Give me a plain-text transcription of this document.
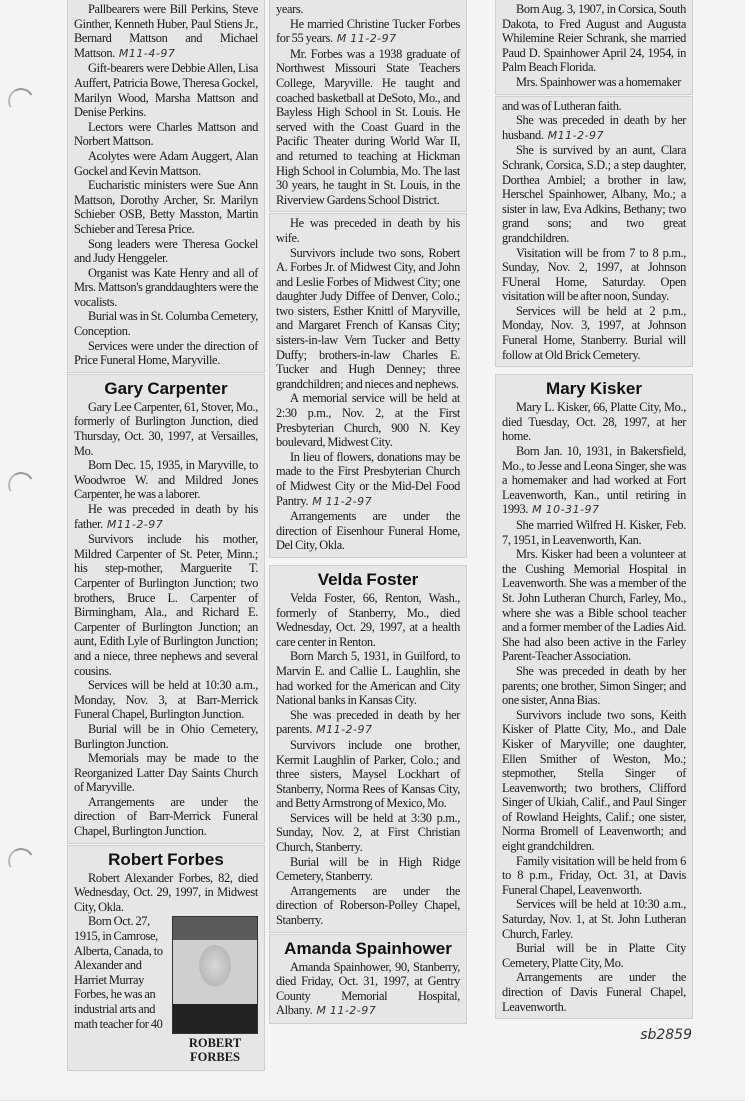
Pallbearers were Bill Perkins, Steve Ginther, Kenneth Huber, Paul Stiens Jr., Bernard Mattson and Michael Mattson. M11-4-97

Gift-bearers were Debbie Allen, Lisa Auffert, Patricia Bowe, Theresa Gockel, Marilyn Wood, Marsha Mattson and Denise Perkins.

Lectors were Charles Mattson and Norbert Mattson.

Acolytes were Adam Auggert, Alan Gockel and Kevin Mattson.

Eucharistic ministers were Sue Ann Mattson, Dorothy Archer, Sr. Marilyn Schieber OSB, Betty Masston, Martin Schieber and Teresa Price.

Song leaders were Theresa Gockel and Judy Henggeler.

Organist was Kate Henry and all of Mrs. Mattson's granddaughters were the vocalists.

Burial was in St. Columba Cemetery, Conception.

Services were under the direction of Price Funeral Home, Maryville.

Gary Carpenter

Gary Lee Carpenter, 61, Stover, Mo., formerly of Burlington Junction, died Thursday, Oct. 30, 1997, at Versailles, Mo.

Born Dec. 15, 1935, in Maryville, to Woodwroe W. and Mildred Jones Carpenter, he was a laborer.

He was preceded in death by his father. M11-2-97

Survivors include his mother, Mildred Carpenter of St. Peter, Minn.; his step-mother, Marguerite T. Carpenter of Burlington Junction; two brothers, Bruce L. Carpenter of Birmingham, Ala., and Richard E. Carpenter of Burlington Junction; an aunt, Edith Lyle of Burlington Junction; and a niece, three nephews and several cousins.

Services will be held at 10:30 a.m., Monday, Nov. 3, at Barr-Merrick Funeral Chapel, Burlington Junction.

Burial will be in Ohio Cemetery, Burlington Junction.

Memorials may be made to the Reorganized Latter Day Saints Church of Maryville.

Arrangements are under the direction of Barr-Merrick Funeral Chapel, Burlington Junction.

Robert Forbes

Robert Alexander Forbes, 82, died Wednesday, Oct. 29, 1997, in Midwest City, Okla.

ROBERT FORBES

Born Oct. 27, 1915, in Camrose, Alberta, Canada, to Alexander and Harriet Murray Forbes, he was an industrial arts and math teacher for 40

years.

He married Christine Tucker Forbes for 55 years. M 11-2-97

Mr. Forbes was a 1938 graduate of Northwest Missouri State Teachers College, Maryville. He taught and coached basketball at DeSoto, Mo., and Bayless High School in St. Louis. He served with the Coast Guard in the Pacific Theater during World War II, and returned to teaching at Hickman High School in Columbia, Mo. The last 30 years, he taught in St. Louis, in the Riverview Gardens School District.

He was preceded in death by his wife.

Survivors include two sons, Robert A. Forbes Jr. of Midwest City, and John and Leslie Forbes of Midwest City; one daughter Judy Diffee of Denver, Colo.; two sisters, Esther Knittl of Maryville, and Margaret French of Kansas City; sisters-in-law Vern Tucker and Betty Duffy; brothers-in-law Charles E. Tucker and Hugh Denney; three grandchildren; and nieces and nephews.

A memorial service will be held at 2:30 p.m., Nov. 2, at the First Presbyterian Church, 900 N. Key boulevard, Midwest City.

In lieu of flowers, donations may be made to the First Presbyterian Church of Midwest City or the Mid-Del Food Pantry. M 11-2-97

Arrangements are under the direction of Eisenhour Funeral Home, Del City, Okla.

Velda Foster

Velda Foster, 66, Renton, Wash., formerly of Stanberry, Mo., died Wednesday, Oct. 29, 1997, at a health care center in Renton.

Born March 5, 1931, in Guilford, to Marvin E. and Callie L. Laughlin, she had worked for the American and City National banks in Kansas City.

She was preceded in death by her parents. M11-2-97

Survivors include one brother, Kermit Laughlin of Parker, Colo.; and three sisters, Maysel Lockhart of Stanberry, Norma Rees of Kansas City, and Betty Armstrong of Mexico, Mo.

Services will be held at 3:30 p.m., Sunday, Nov. 2, at First Christian Church, Stanberry.

Burial will be in High Ridge Cemetery, Stanberry.

Arrangements are under the direction of Roberson-Polley Chapel, Stanberry.

Amanda Spainhower

Amanda Spainhower, 90, Stanberry, died Friday, Oct. 31, 1997, at Gentry County Memorial Hospital, Albany. M 11-2-97

Born Aug. 3, 1907, in Corsica, South Dakota, to Fred August and Augusta Whilemine Reier Schrank, she married Paud D. Spainhower April 24, 1954, in Palm Beach Florida.

Mrs. Spainhower was a homemaker

and was of Lutheran faith.

She was preceded in death by her husband. M11-2-97

She is survived by an aunt, Clara Schrank, Corsica, S.D.; a step daughter, Dorthea Ambiel; a brother in law, Herschel Spainhower, Albany, Mo.; a sister in law, Eva Adkins, Bethany; two grand sons; and two great grandchildren.

Visitation will be from 7 to 8 p.m., Sunday, Nov. 2, 1997, at Johnson FUneral Home, Saturday. Open visitation will be after noon, Sunday.

Services will be held at 2 p.m., Monday, Nov. 3, 1997, at Johnson Funeral Home, Stanberry. Burial will follow at Old Brick Cemetery.

Mary Kisker

Mary L. Kisker, 66, Platte City, Mo., died Tuesday, Oct. 28, 1997, at her home.

Born Jan. 10, 1931, in Bakersfield, Mo., to Jesse and Leona Singer, she was a homemaker and had worked at Fort Leavenworth, Kan., until retiring in 1993. M 10-31-97

She married Wilfred H. Kisker, Feb. 7, 1951, in Leavenworth, Kan.

Mrs. Kisker had been a volunteer at the Cushing Memorial Hospital in Leavenworth. She was a member of the St. John Lutheran Church, Farley, Mo., where she was a Bible school teacher and a former member of the Ladies Aid. She had also been active in the Farley Parent-Teacher Association.

She was preceded in death by her parents; one brother, Simon Singer; and one sister, Anna Bias.

Survivors include two sons, Keith Kisker of Platte City, Mo., and Dale Kisker of Maryville; one daughter, Ellen Smither of Weston, Mo.; stepmother, Stella Singer of Leavenworth; two brothers, Clifford Singer of Ukiah, Calif., and Paul Singer of Rowland Heights, Calif.; one sister, Norma Bromell of Leavenworth; and eight grandchildren.

Family visitation will be held from 6 to 8 p.m., Friday, Oct. 31, at Davis Funeral Chapel, Leavenworth.

Services will be held at 10:30 a.m., Saturday, Nov. 1, at St. John Lutheran Church, Farley.

Burial will be in Platte City Cemetery, Platte City, Mo.

Arrangements are under the direction of Davis Funeral Chapel, Leavenworth.

sb2859
